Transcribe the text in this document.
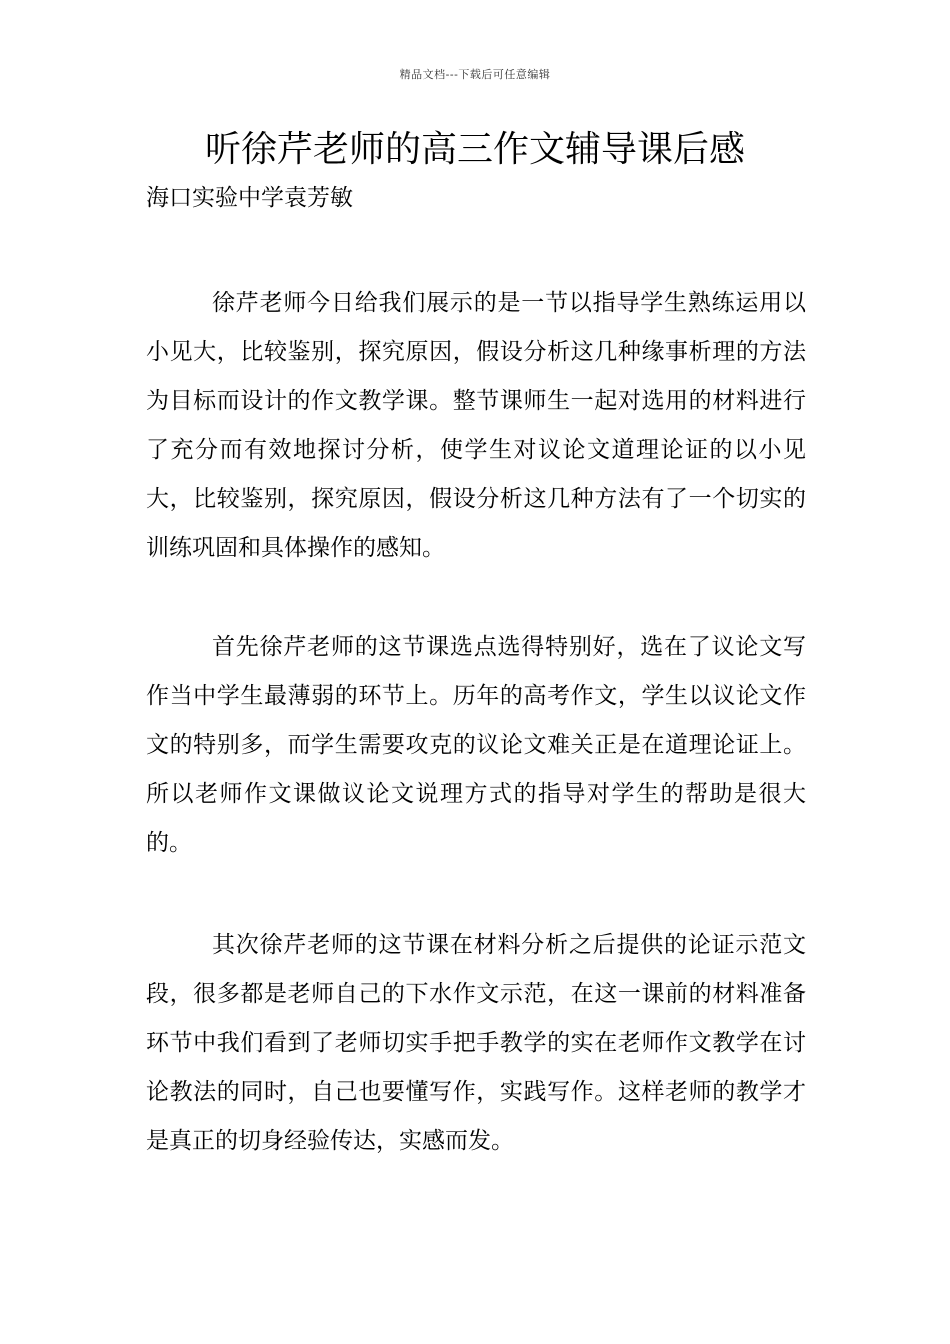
精品文档---下载后可任意编辑
听徐芹老师的高三作文辅导课后感
海口实验中学袁芳敏

徐芹老师今日给我们展示的是一节以指导学生熟练运用以小见大，比较鉴别，探究原因，假设分析这几种缘事析理的方法为目标而设计的作文教学课。整节课师生一起对选用的材料进行了充分而有效地探讨分析，使学生对议论文道理论证的以小见大，比较鉴别，探究原因，假设分析这几种方法有了一个切实的训练巩固和具体操作的感知。

首先徐芹老师的这节课选点选得特别好，选在了议论文写作当中学生最薄弱的环节上。历年的高考作文，学生以议论文作文的特别多，而学生需要攻克的议论文难关正是在道理论证上。所以老师作文课做议论文说理方式的指导对学生的帮助是很大的。

其次徐芹老师的这节课在材料分析之后提供的论证示范文段，很多都是老师自己的下水作文示范，在这一课前的材料准备环节中我们看到了老师切实手把手教学的实在老师作文教学在讨论教法的同时，自己也要懂写作，实践写作。这样老师的教学才是真正的切身经验传达，实感而发。
